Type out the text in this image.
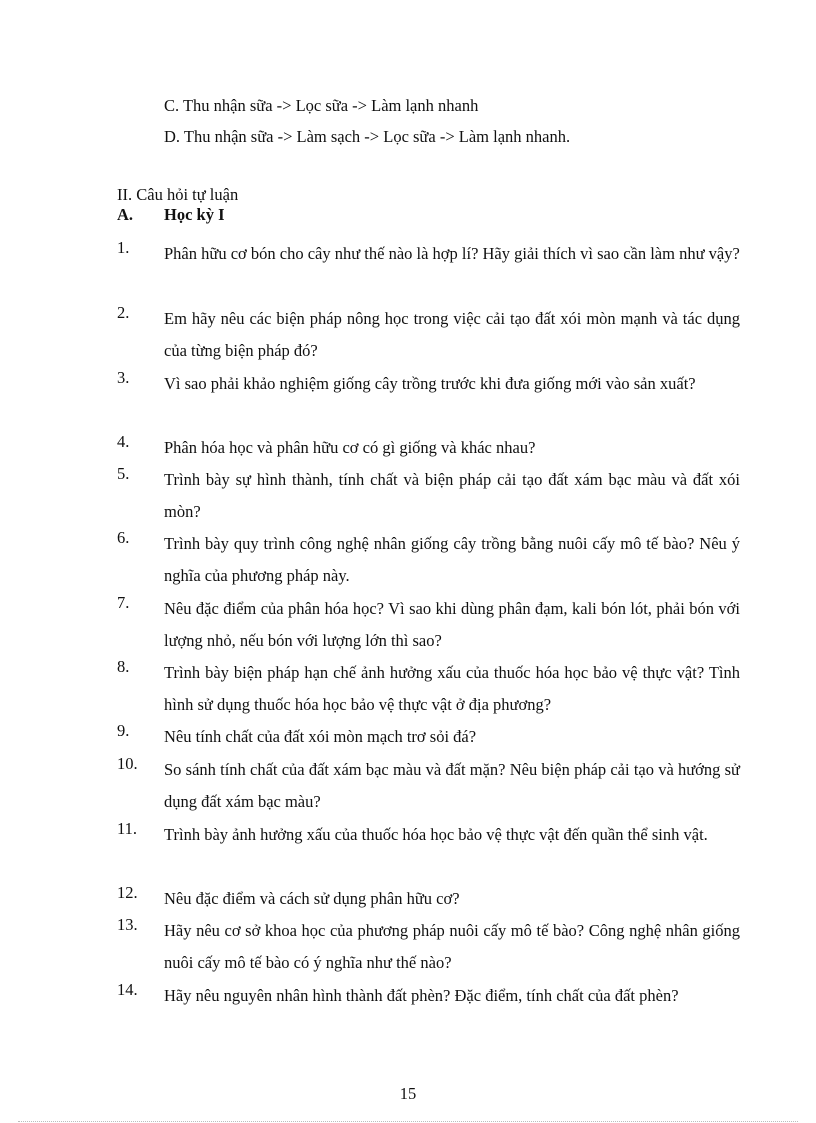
C. Thu nhận sữa -> Lọc sữa -> Làm lạnh nhanh
D. Thu nhận sữa -> Làm sạch -> Lọc sữa -> Làm lạnh nhanh.
II. Câu hỏi tự luận
A. Học kỳ I
1. Phân hữu cơ bón cho cây như thế nào là hợp lí? Hãy giải thích vì sao cần làm như vậy?
2. Em hãy nêu các biện pháp nông học trong việc cải tạo đất xói mòn mạnh và tác dụng của từng biện pháp đó?
3. Vì sao phải khảo nghiệm giống cây trồng trước khi đưa giống mới vào sản xuất?
4. Phân hóa học và phân hữu cơ có gì giống và khác nhau?
5. Trình bày sự hình thành, tính chất và biện pháp cải tạo đất xám bạc màu và đất xói mòn?
6. Trình bày quy trình công nghệ nhân giống cây trồng bằng nuôi cấy mô tế bào? Nêu ý nghĩa của phương pháp này.
7. Nêu đặc điểm của phân hóa học? Vì sao khi dùng phân đạm, kali bón lót, phải bón với lượng nhỏ, nếu bón với lượng lớn thì sao?
8. Trình bày biện pháp hạn chế ảnh hưởng xấu của thuốc hóa học bảo vệ thực vật? Tình hình sử dụng thuốc hóa học bảo vệ thực vật ở địa phương?
9. Nêu tính chất của đất xói mòn mạch trơ sỏi đá?
10. So sánh tính chất của đất xám bạc màu và đất mặn? Nêu biện pháp cải tạo và hướng sử dụng đất xám bạc màu?
11. Trình bày ảnh hưởng xấu của thuốc hóa học bảo vệ thực vật đến quần thể sinh vật.
12. Nêu đặc điểm và cách sử dụng phân hữu cơ?
13. Hãy nêu cơ sở khoa học của phương pháp nuôi cấy mô tế bào? Công nghệ nhân giống nuôi cấy mô tế bào có ý nghĩa như thế nào?
14. Hãy nêu nguyên nhân hình thành đất phèn? Đặc điểm, tính chất của đất phèn?
15
